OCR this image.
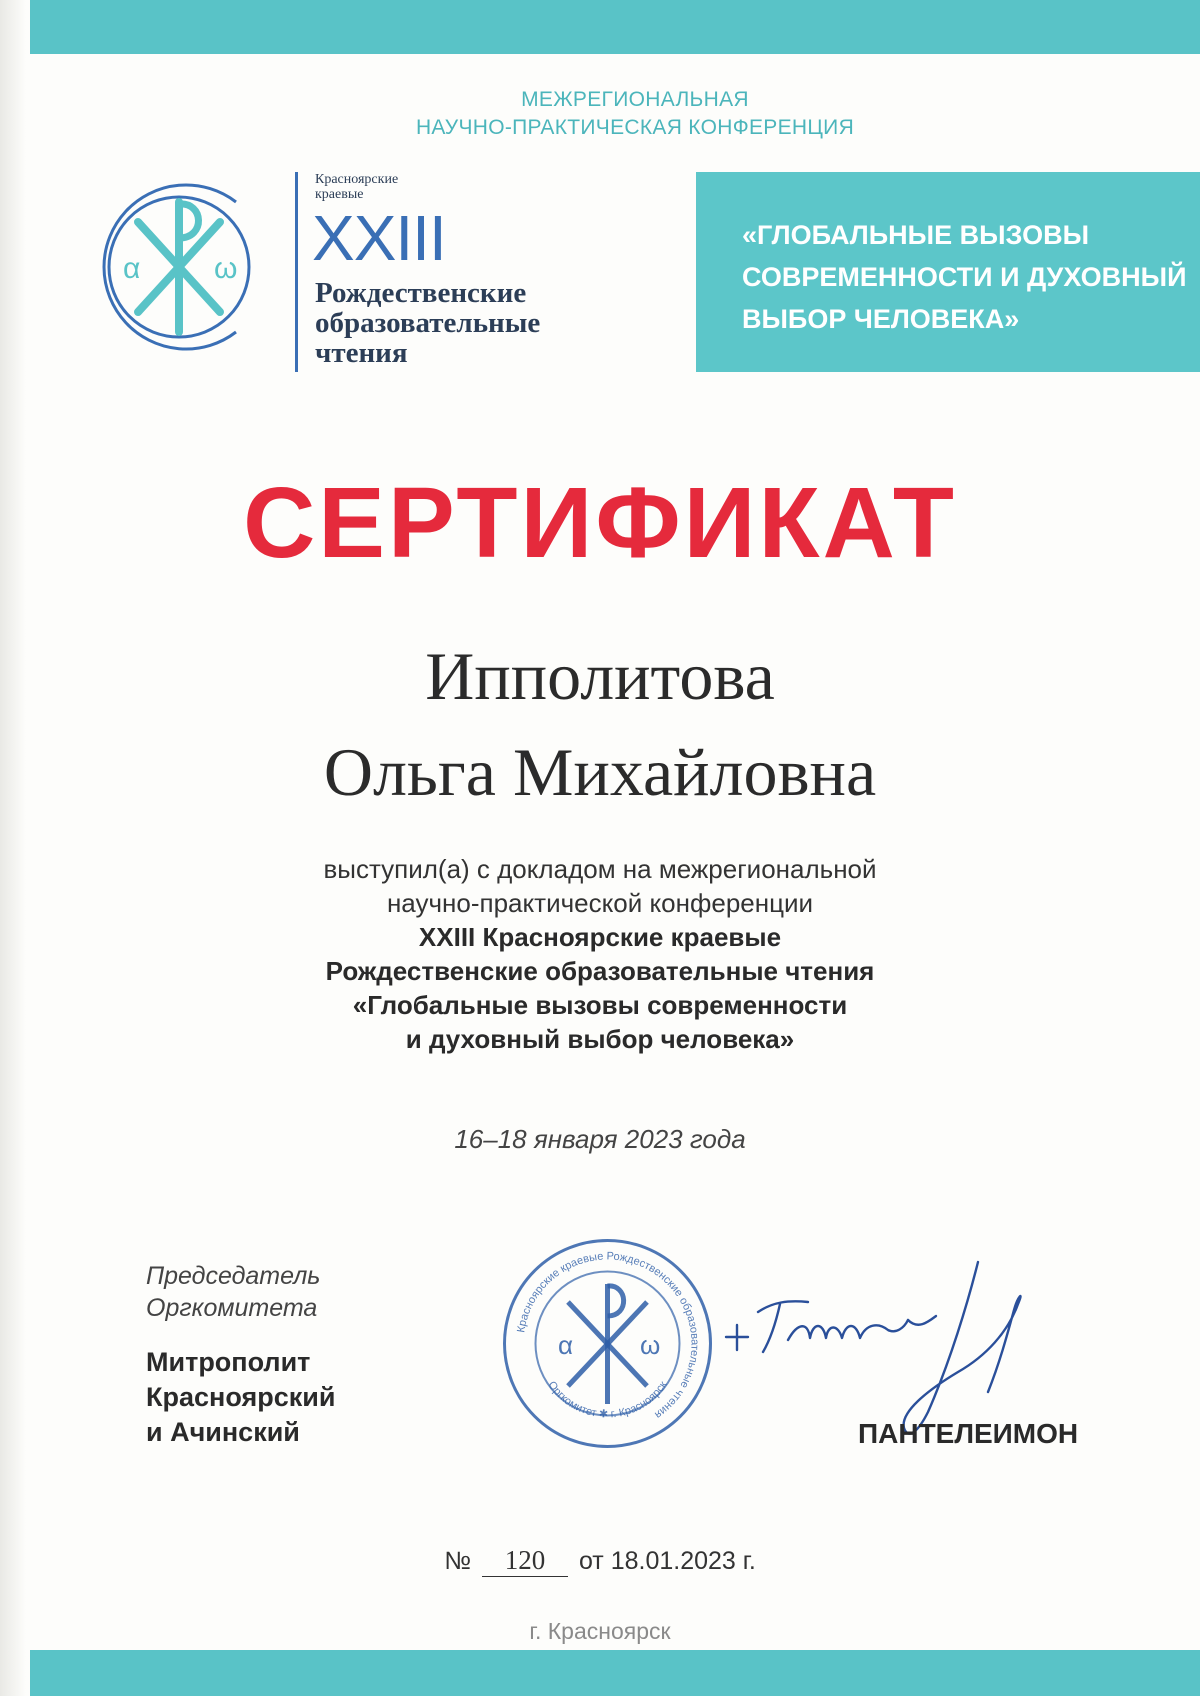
МЕЖРЕГИОНАЛЬНАЯ
НАУЧНО-ПРАКТИЧЕСКАЯ КОНФЕРЕНЦИЯ
α ω
Красноярские
краевые
XXIII
Рождественские
образовательные
чтения
«ГЛОБАЛЬНЫЕ ВЫЗОВЫ
СОВРЕМЕННОСТИ И ДУХОВНЫЙ
ВЫБОР ЧЕЛОВЕКА»
СЕРТИФИКАТ
Ипполитова
Ольга Михайловна
выступил(а) с докладом на межрегиональной
научно-практической конференции
XXIII Красноярские краевые
Рождественские образовательные чтения
«Глобальные вызовы современности
и духовный выбор человека»
16–18 января 2023 года
Председатель
Оргкомитета
Митрополит
Красноярский
и Ачинский
Красноярские краевые Рождественские образовательные чтения
Оргкомитет ✱ г. Красноярск
α	ω
ПАНТЕЛЕИМОН
№ 120 от 18.01.2023 г.
г. Красноярск
